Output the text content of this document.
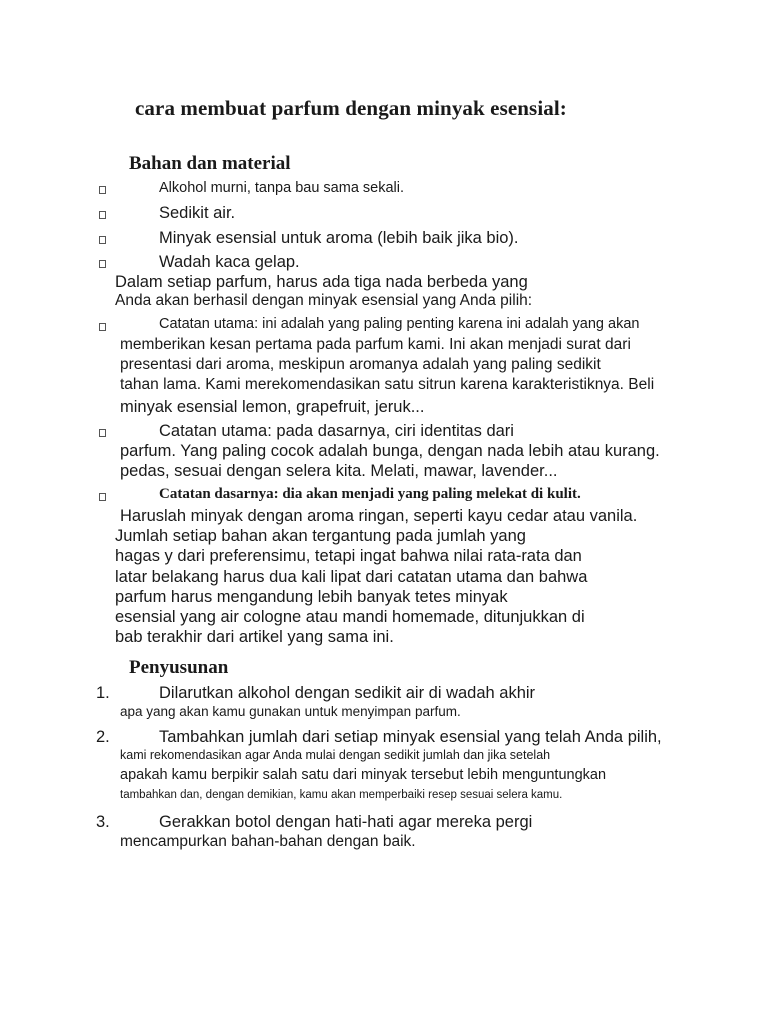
cara membuat parfum dengan minyak esensial:
Bahan dan material
Alkohol murni, tanpa bau sama sekali.
Sedikit air.
Minyak esensial untuk aroma (lebih baik jika bio).
Wadah kaca gelap.
Dalam setiap parfum, harus ada tiga nada berbeda yang
Anda akan berhasil dengan minyak esensial yang Anda pilih:
Catatan utama: ini adalah yang paling penting karena ini adalah yang akan
memberikan kesan pertama pada parfum kami. Ini akan menjadi surat dari
presentasi dari aroma, meskipun aromanya adalah yang paling sedikit
tahan lama. Kami merekomendasikan satu sitrun karena karakteristiknya. Beli
minyak esensial lemon, grapefruit, jeruk...
Catatan utama: pada dasarnya, ciri identitas dari
parfum. Yang paling cocok adalah bunga, dengan nada lebih atau kurang.
pedas, sesuai dengan selera kita. Melati, mawar, lavender...
Catatan dasarnya: dia akan menjadi yang paling melekat di kulit.
Haruslah minyak dengan aroma ringan, seperti kayu cedar atau vanila.
Jumlah setiap bahan akan tergantung pada jumlah yang
hagas y dari preferensimu, tetapi ingat bahwa nilai rata-rata dan
latar belakang harus dua kali lipat dari catatan utama dan bahwa
parfum harus mengandung lebih banyak tetes minyak
esensial yang air cologne atau mandi homemade, ditunjukkan di
bab terakhir dari artikel yang sama ini.
Penyusunan
1.	Dilarutkan alkohol dengan sedikit air di wadah akhir
apa yang akan kamu gunakan untuk menyimpan parfum.
2.	Tambahkan jumlah dari setiap minyak esensial yang telah Anda pilih,
kami rekomendasikan agar Anda mulai dengan sedikit jumlah dan jika setelah
apakah kamu berpikir salah satu dari minyak tersebut lebih menguntungkan
tambahkan dan, dengan demikian, kamu akan memperbaiki resep sesuai selera kamu.
3.	Gerakkan botol dengan hati-hati agar mereka pergi
mencampurkan bahan-bahan dengan baik.
